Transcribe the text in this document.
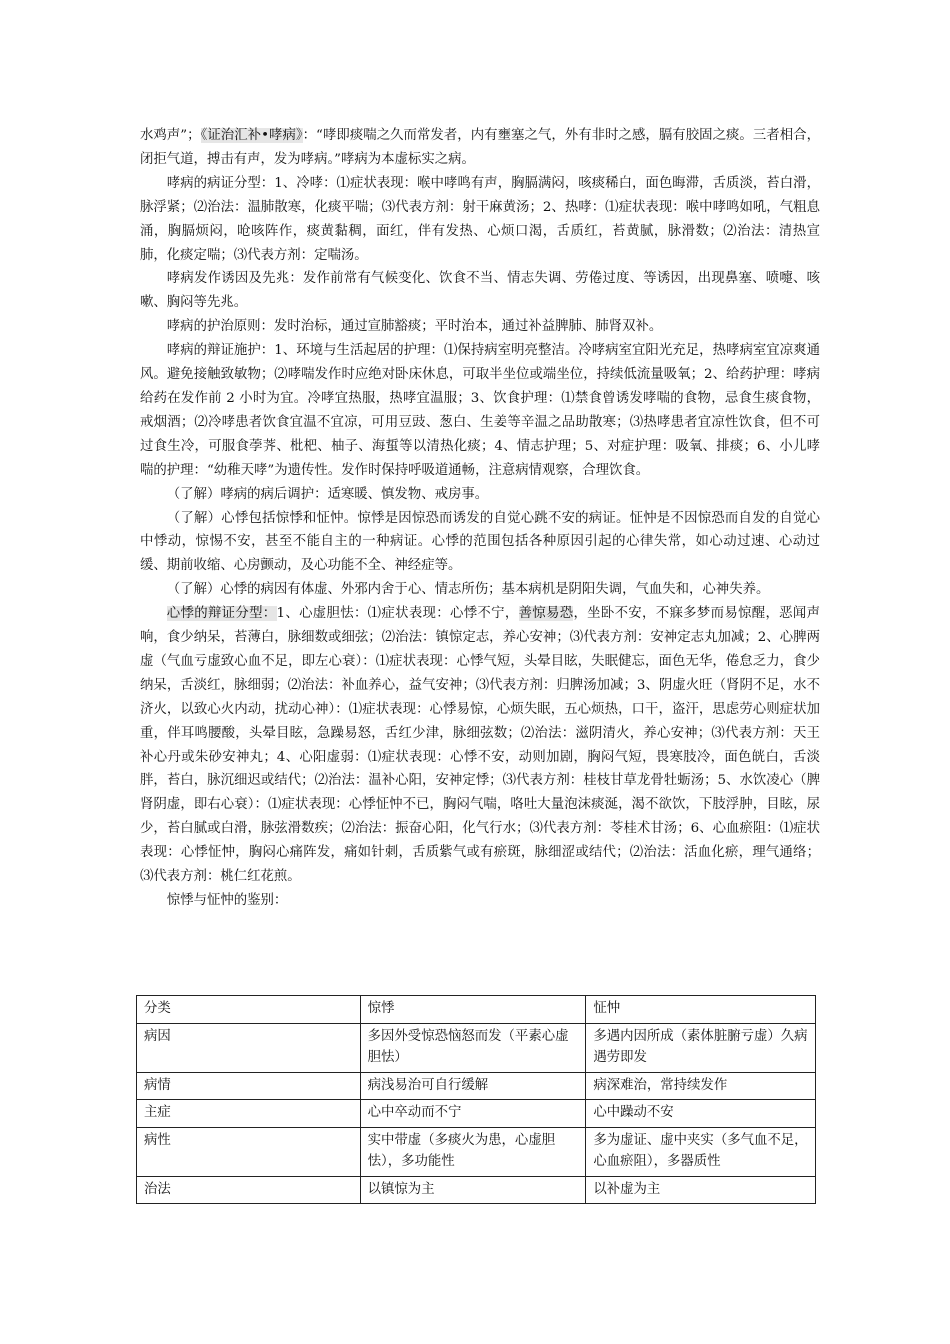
水鸡声”；《证治汇补•哮病》：“哮即痰喘之久而常发者，内有壅塞之气，外有非时之感，膈有胶固之痰。三者相合，闭拒气道，搏击有声，发为哮病。”哮病为本虚标实之病。

哮病的病证分型：1、冷哮：⑴症状表现：喉中哮鸣有声，胸膈满闷，咳痰稀白，面色晦滞，舌质淡，苔白滑，脉浮紧；⑵治法：温肺散寒，化痰平喘；⑶代表方剂：射干麻黄汤；2、热哮：⑴症状表现：喉中哮鸣如吼，气粗息涌，胸膈烦闷，呛咳阵作，痰黄黏稠，面红，伴有发热、心烦口渴，舌质红，苔黄腻，脉滑数；⑵治法：清热宣肺，化痰定喘；⑶代表方剂：定喘汤。

哮病发作诱因及先兆：发作前常有气候变化、饮食不当、情志失调、劳倦过度、等诱因，出现鼻塞、喷嚏、咳嗽、胸闷等先兆。

哮病的护治原则：发时治标，通过宣肺豁痰；平时治本，通过补益脾肺、肺肾双补。

哮病的辩证施护：1、环境与生活起居的护理：⑴保持病室明亮整洁。冷哮病室宜阳光充足，热哮病室宜凉爽通风。避免接触致敏物；⑵哮喘发作时应绝对卧床休息，可取半坐位或端坐位，持续低流量吸氧；2、给药护理：哮病给药在发作前 2 小时为宜。冷哮宜热服，热哮宜温服；3、饮食护理：⑴禁食曾诱发哮喘的食物，忌食生痰食物，戒烟酒；⑵冷哮患者饮食宜温不宜凉，可用豆豉、葱白、生姜等辛温之品助散寒；⑶热哮患者宜凉性饮食，但不可过食生冷，可服食荸荠、枇杷、柚子、海蜇等以清热化痰；4、情志护理；5、对症护理：吸氧、排痰；6、小儿哮喘的护理：“幼稚天哮”为遗传性。发作时保持呼吸道通畅，注意病情观察，合理饮食。

（了解）哮病的病后调护：适寒暖、慎发物、戒房事。

（了解）心悸包括惊悸和怔忡。惊悸是因惊恐而诱发的自觉心跳不安的病证。怔忡是不因惊恐而自发的自觉心中悸动，惊惕不安，甚至不能自主的一种病证。心悸的范围包括各种原因引起的心律失常，如心动过速、心动过缓、期前收缩、心房颤动，及心功能不全、神经症等。

（了解）心悸的病因有体虚、外邪内舍于心、情志所伤；基本病机是阴阳失调，气血失和，心神失养。

心悸的辩证分型：1、心虚胆怯：⑴症状表现：心悸不宁，善惊易恐，坐卧不安，不寐多梦而易惊醒，恶闻声响，食少纳呆，苔薄白，脉细数或细弦；⑵治法：镇惊定志，养心安神；⑶代表方剂：安神定志丸加减；2、心脾两虚（气血亏虚致心血不足，即左心衰）：⑴症状表现：心悸气短，头晕目眩，失眠健忘，面色无华，倦怠乏力，食少纳呆，舌淡红，脉细弱；⑵治法：补血养心，益气安神；⑶代表方剂：归脾汤加减；3、阴虚火旺（肾阴不足，水不济火，以致心火内动，扰动心神）：⑴症状表现：心悸易惊，心烦失眠，五心烦热，口干，盗汗，思虑劳心则症状加重，伴耳鸣腰酸，头晕目眩，急躁易怒，舌红少津，脉细弦数；⑵治法：滋阴清火，养心安神；⑶代表方剂：天王补心丹或朱砂安神丸；4、心阳虚弱：⑴症状表现：心悸不安，动则加剧，胸闷气短，畏寒肢冷，面色㿠白，舌淡胖，苔白，脉沉细迟或结代；⑵治法：温补心阳，安神定悸；⑶代表方剂：桂枝甘草龙骨牡蛎汤；5、水饮凌心（脾肾阴虚，即右心衰）：⑴症状表现：心悸怔忡不已，胸闷气喘，咯吐大量泡沫痰涎，渴不欲饮，下肢浮肿，目眩，尿少，苔白腻或白滑，脉弦滑数疾；⑵治法：振奋心阳，化气行水；⑶代表方剂：苓桂术甘汤；6、心血瘀阻：⑴症状表现：心悸怔忡，胸闷心痛阵发，痛如针刺，舌质紫气或有瘀斑，脉细涩或结代；⑵治法：活血化瘀，理气通络；⑶代表方剂：桃仁红花煎。

惊悸与怔忡的鉴别：

分类	惊悸	怔忡
病因	多因外受惊恐恼怒而发（平素心虚胆怯）	多遇内因所成（素体脏腑亏虚）久病遇劳即发
病情	病浅易治可自行缓解	病深难治，常持续发作
主症	心中卒动而不宁	心中躁动不安
病性	实中带虚（多痰火为患，心虚胆怯），多功能性	多为虚证、虚中夹实（多气血不足，心血瘀阻），多器质性
治法	以镇惊为主	以补虚为主
